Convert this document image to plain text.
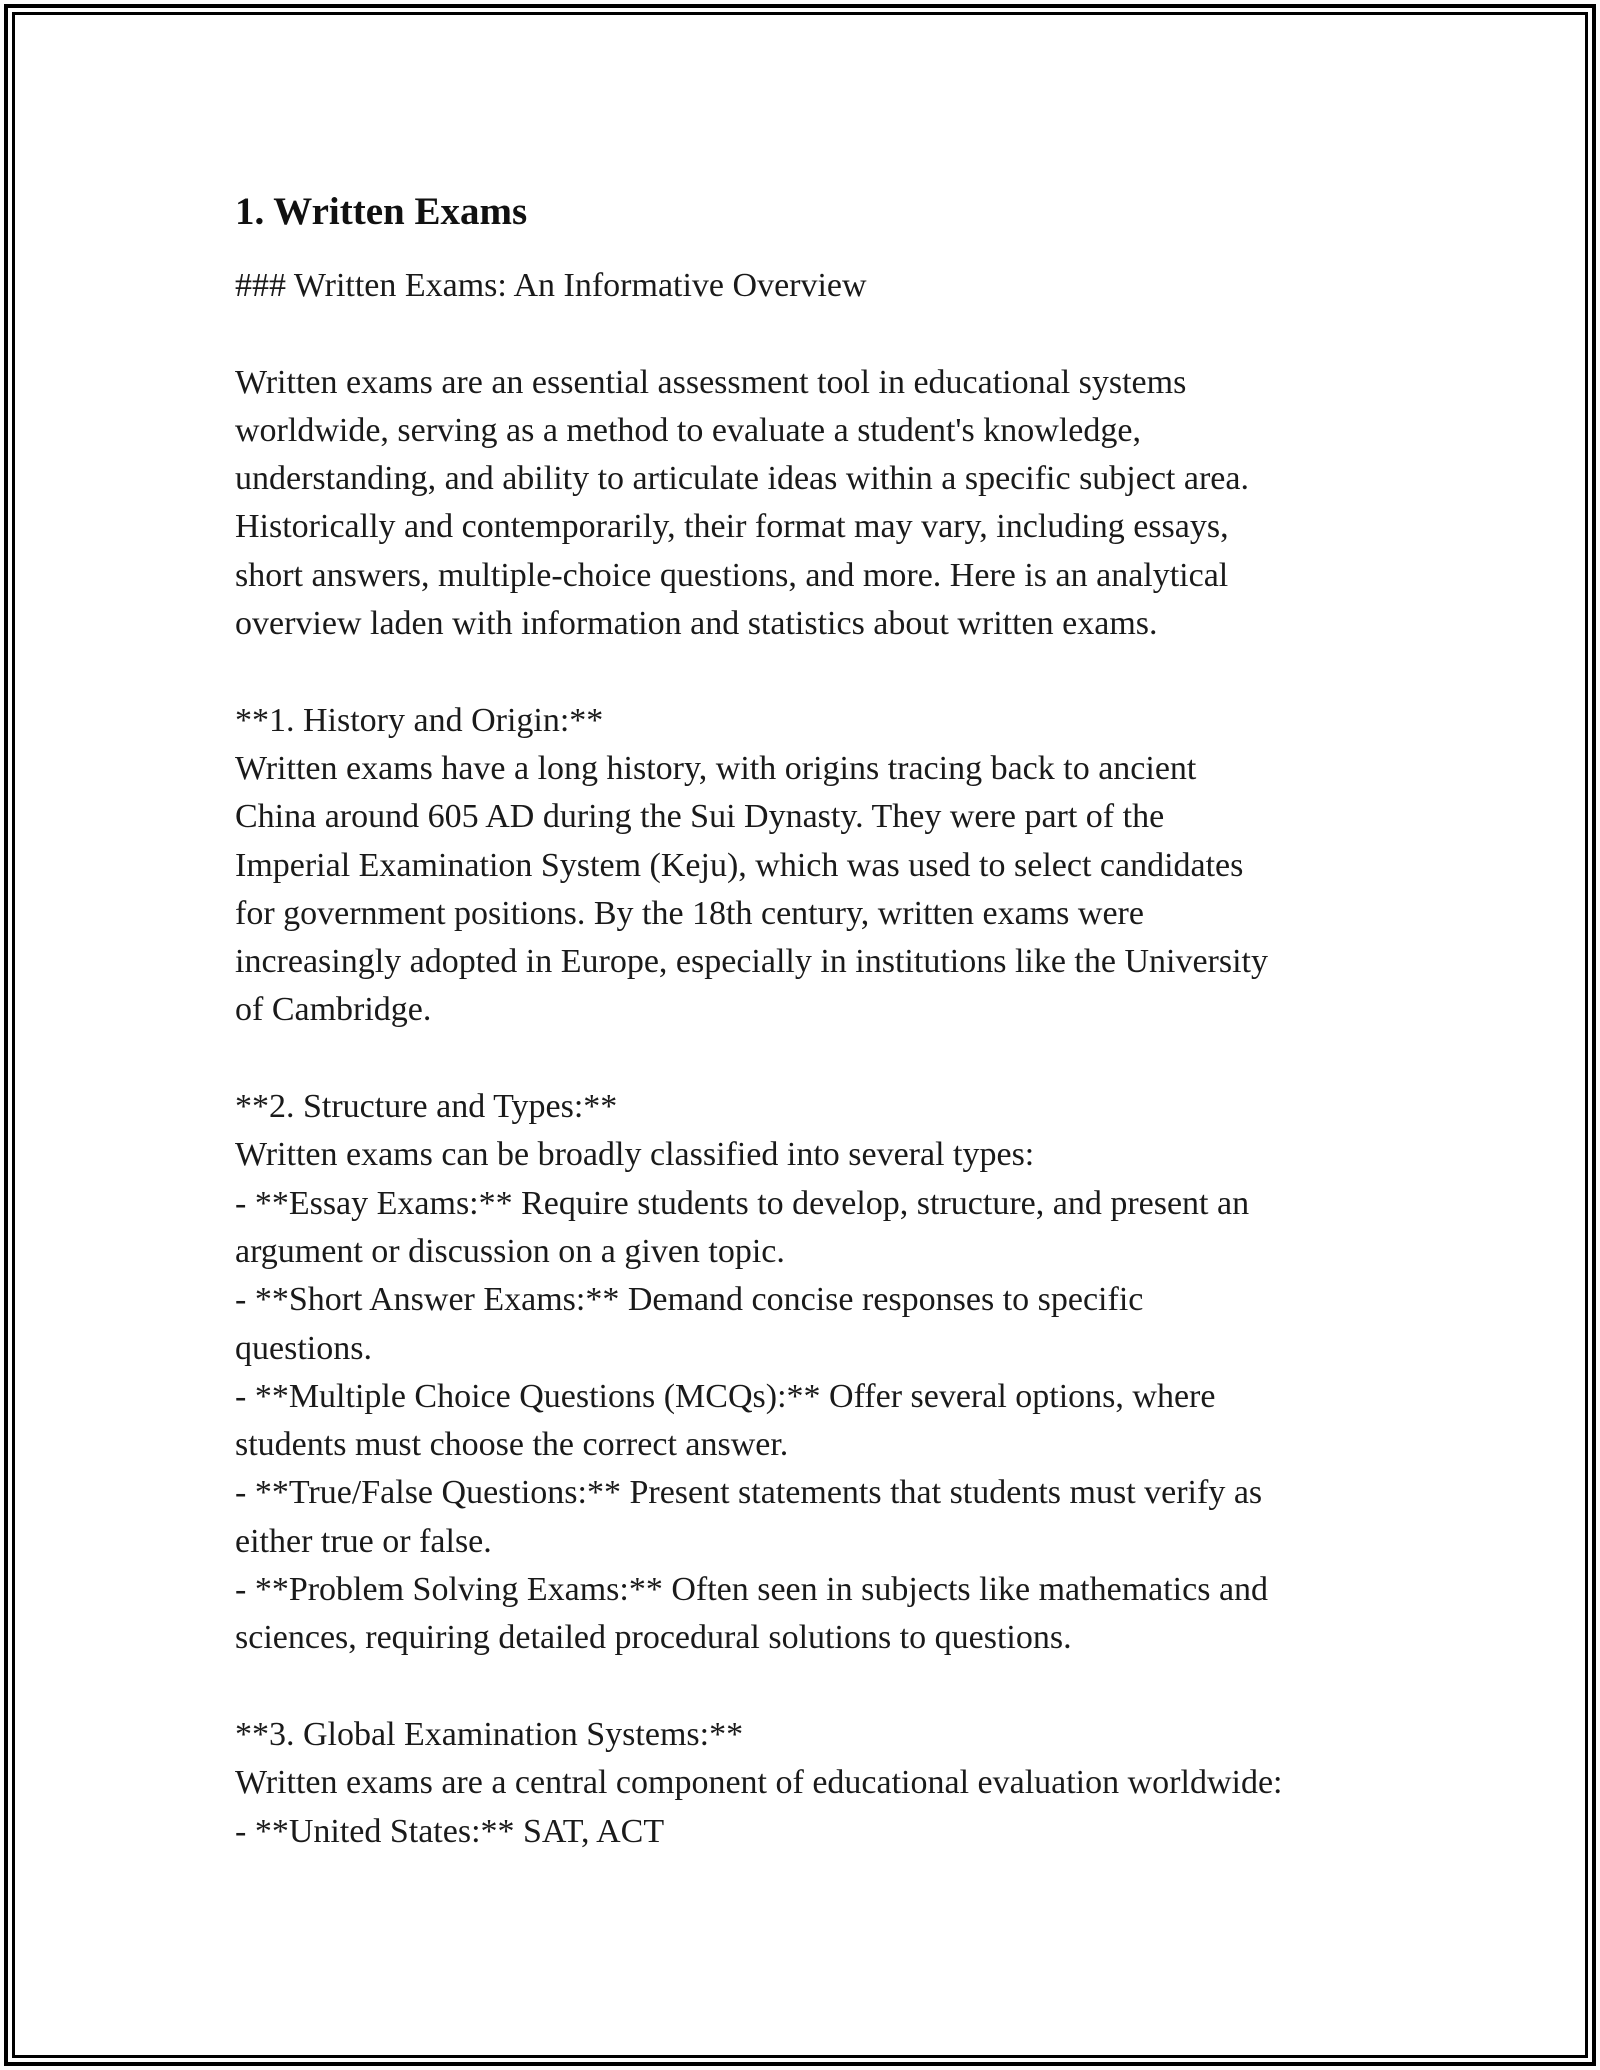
1. Written Exams
### Written Exams: An Informative Overview
Written exams are an essential assessment tool in educational systems
worldwide, serving as a method to evaluate a student's knowledge,
understanding, and ability to articulate ideas within a specific subject area.
Historically and contemporarily, their format may vary, including essays,
short answers, multiple-choice questions, and more. Here is an analytical
overview laden with information and statistics about written exams.
**1. History and Origin:**
Written exams have a long history, with origins tracing back to ancient
China around 605 AD during the Sui Dynasty. They were part of the
Imperial Examination System (Keju), which was used to select candidates
for government positions. By the 18th century, written exams were
increasingly adopted in Europe, especially in institutions like the University
of Cambridge.
**2. Structure and Types:**
Written exams can be broadly classified into several types:
- **Essay Exams:** Require students to develop, structure, and present an
argument or discussion on a given topic.
- **Short Answer Exams:** Demand concise responses to specific
questions.
- **Multiple Choice Questions (MCQs):** Offer several options, where
students must choose the correct answer.
- **True/False Questions:** Present statements that students must verify as
either true or false.
- **Problem Solving Exams:** Often seen in subjects like mathematics and
sciences, requiring detailed procedural solutions to questions.
**3. Global Examination Systems:**
Written exams are a central component of educational evaluation worldwide:
- **United States:** SAT, ACT
